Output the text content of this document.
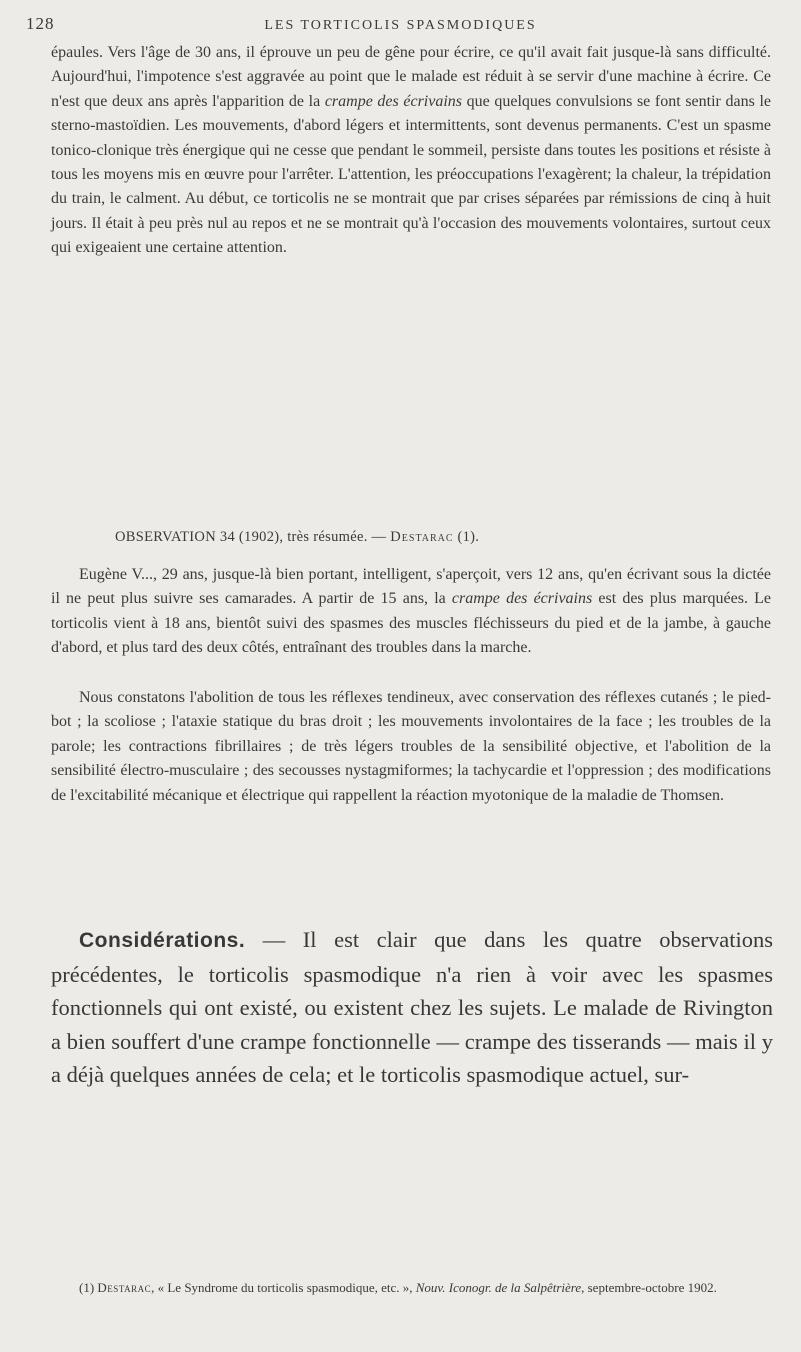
128	LES TORTICOLIS SPASMODIQUES

épaules. Vers l'âge de 30 ans, il éprouve un peu de gêne pour écrire, ce qu'il avait fait jusque-là sans difficulté. Aujourd'hui, l'impotence s'est aggravée au point que le malade est réduit à se servir d'une machine à écrire. Ce n'est que deux ans après l'apparition de la crampe des écrivains que quelques convulsions se font sentir dans le sterno-mastoïdien. Les mouvements, d'abord légers et intermittents, sont devenus permanents. C'est un spasme tonico-clonique très énergique qui ne cesse que pendant le sommeil, persiste dans toutes les positions et résiste à tous les moyens mis en œuvre pour l'arrêter. L'attention, les préoccupations l'exagèrent; la chaleur, la trépidation du train, le calment. Au début, ce torticolis ne se montrait que par crises séparées par rémissions de cinq à huit jours. Il était à peu près nul au repos et ne se montrait qu'à l'occasion des mouvements volontaires, surtout ceux qui exigeaient une certaine attention.

OBSERVATION 34 (1902), très résumée. — Destarac (1).

Eugène V..., 29 ans, jusque-là bien portant, intelligent, s'aperçoit, vers 12 ans, qu'en écrivant sous la dictée il ne peut plus suivre ses camarades. A partir de 15 ans, la crampe des écrivains est des plus marquées. Le torticolis vient à 18 ans, bientôt suivi des spasmes des muscles fléchisseurs du pied et de la jambe, à gauche d'abord, et plus tard des deux côtés, entraînant des troubles dans la marche.

Nous constatons l'abolition de tous les réflexes tendineux, avec conservation des réflexes cutanés ; le pied-bot ; la scoliose ; l'ataxie statique du bras droit ; les mouvements involontaires de la face ; les troubles de la parole; les contractions fibrillaires ; de très légers troubles de la sensibilité objective, et l'abolition de la sensibilité électro-musculaire ; des secousses nystagmiformes; la tachycardie et l'oppression ; des modifications de l'excitabilité mécanique et électrique qui rappellent la réaction myotonique de la maladie de Thomsen.

Considérations. — Il est clair que dans les quatre observations précédentes, le torticolis spasmodique n'a rien à voir avec les spasmes fonctionnels qui ont existé, ou existent chez les sujets. Le malade de Rivington a bien souffert d'une crampe fonctionnelle — crampe des tisserands — mais il y a déjà quelques années de cela; et le torticolis spasmodique actuel, sur-

(1) Destarac, « Le Syndrome du torticolis spasmodique, etc. », Nouv. Iconogr. de la Salpêtrière, septembre-octobre 1902.
